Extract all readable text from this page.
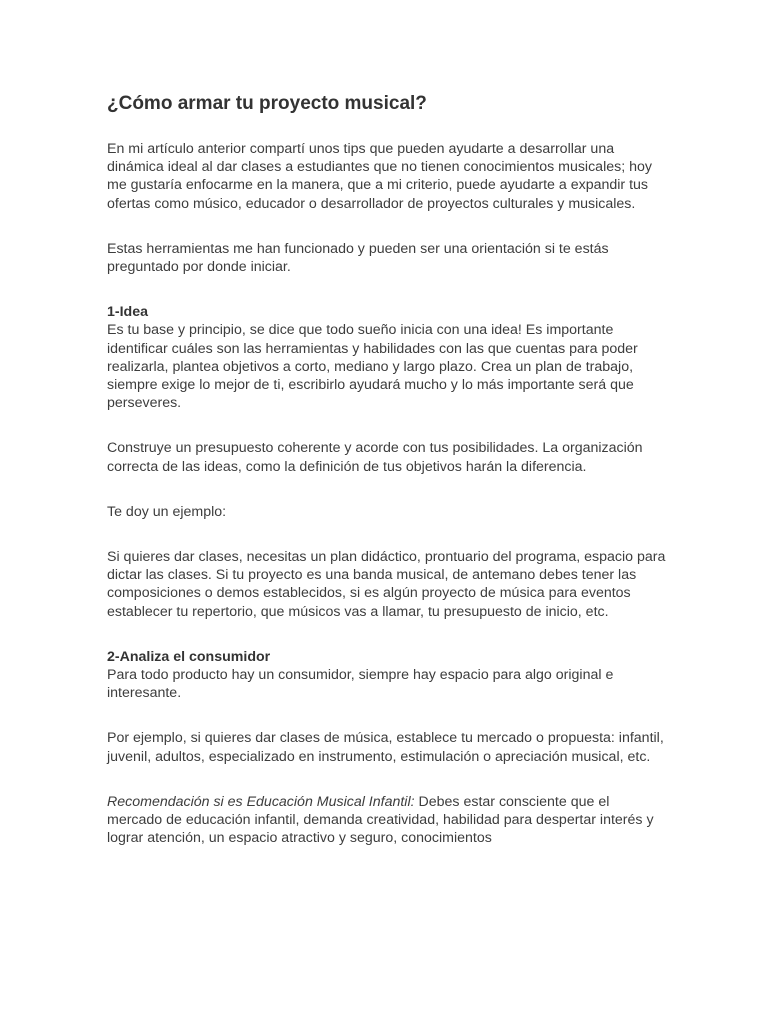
¿Cómo armar tu proyecto musical?

En mi artículo anterior compartí unos tips que pueden ayudarte a desarrollar una dinámica ideal al dar clases a estudiantes que no tienen conocimientos musicales; hoy me gustaría enfocarme en la manera, que a mi criterio, puede ayudarte a expandir tus ofertas como músico, educador o desarrollador de proyectos culturales y musicales.

Estas herramientas me han funcionado y pueden ser una orientación si te estás preguntado por donde iniciar.

1-Idea
Es tu base y principio, se dice que todo sueño inicia con una idea! Es importante identificar cuáles son las herramientas y habilidades con las que cuentas para poder realizarla, plantea objetivos a corto, mediano y largo plazo. Crea un plan de trabajo, siempre exige lo mejor de ti, escribirlo ayudará mucho y lo más importante será que perseveres.

Construye un presupuesto coherente y acorde con tus posibilidades. La organización correcta de las ideas, como la definición de tus objetivos harán la diferencia.

Te doy un ejemplo:

Si quieres dar clases, necesitas un plan didáctico, prontuario del programa, espacio para dictar las clases. Si tu proyecto es una banda musical, de antemano debes tener las composiciones o demos establecidos, si es algún proyecto de música para eventos establecer tu repertorio, que músicos vas a llamar, tu presupuesto de inicio, etc.

2-Analiza el consumidor
Para todo producto hay un consumidor, siempre hay espacio para algo original e interesante.

Por ejemplo, si quieres dar clases de música, establece tu mercado o propuesta: infantil, juvenil, adultos, especializado en instrumento, estimulación o apreciación musical, etc.

Recomendación si es Educación Musical Infantil: Debes estar consciente que el mercado de educación infantil, demanda creatividad, habilidad para despertar interés y lograr atención, un espacio atractivo y seguro, conocimientos
